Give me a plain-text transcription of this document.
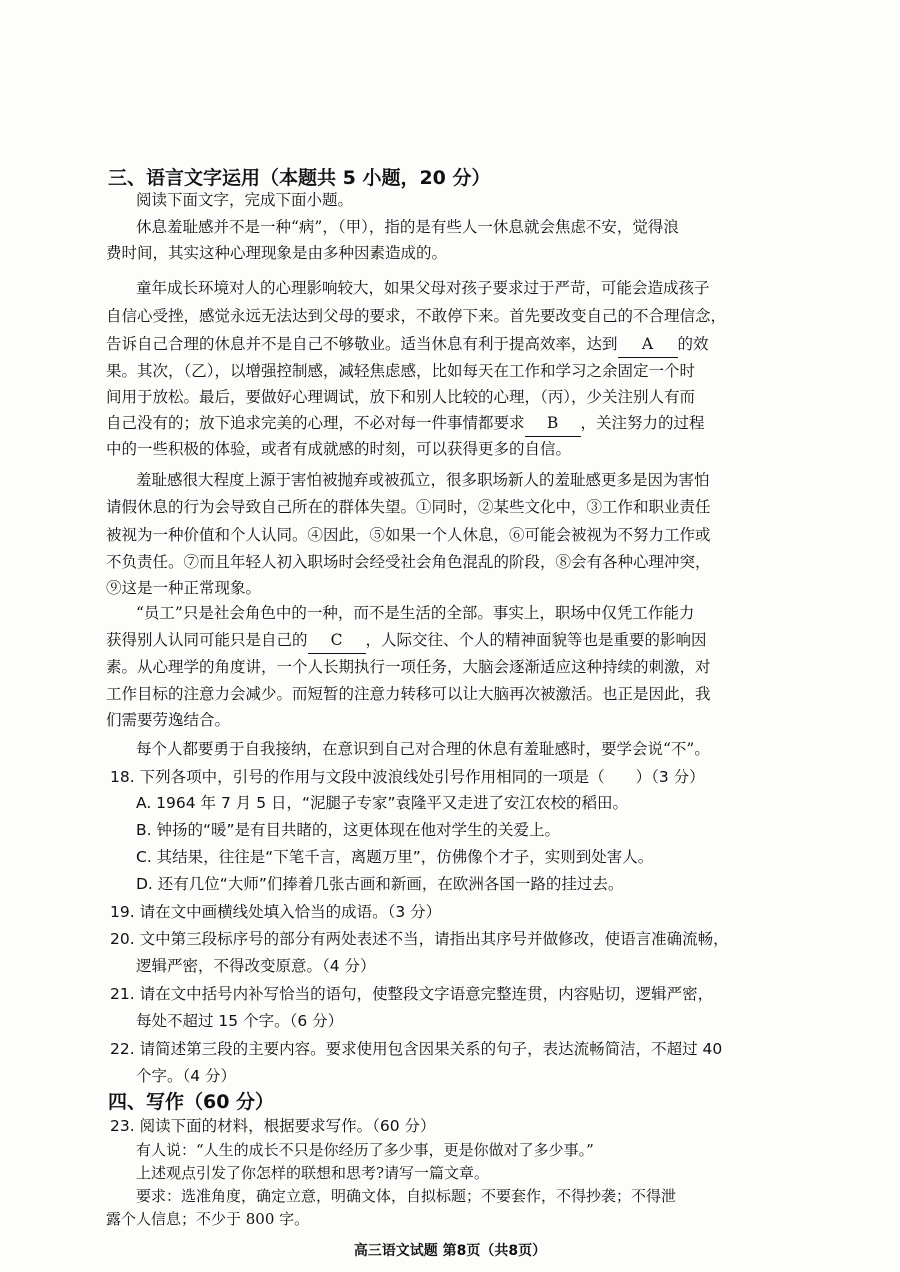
三、语言文字运用（本题共 5 小题，20 分）
阅读下面文字，完成下面小题。
休息羞耻感并不是一种“病”，（甲），指的是有些人一休息就会焦虑不安，觉得浪
费时间，其实这种心理现象是由多种因素造成的。
童年成长环境对人的心理影响较大，如果父母对孩子要求过于严苛，可能会造成孩子
自信心受挫，感觉永远无法达到父母的要求，不敢停下来。首先要改变自己的不合理信念，
告诉自己合理的休息并不是自己不够敬业。适当休息有利于提高效率，达到 A 的效
果。其次，（乙），以增强控制感，减轻焦虑感，比如每天在工作和学习之余固定一个时
间用于放松。最后，要做好心理调试，放下和别人比较的心理，（丙），少关注别人有而
自己没有的；放下追求完美的心理，不必对每一件事情都要求 B ，关注努力的过程
中的一些积极的体验，或者有成就感的时刻，可以获得更多的自信。
羞耻感很大程度上源于害怕被抛弃或被孤立，很多职场新人的羞耻感更多是因为害怕
请假休息的行为会导致自己所在的群体失望。①同时，②某些文化中，③工作和职业责任
被视为一种价值和个人认同。④因此，⑤如果一个人休息，⑥可能会被视为不努力工作或
不负责任。⑦而且年轻人初入职场时会经受社会角色混乱的阶段，⑧会有各种心理冲突，
⑨这是一种正常现象。
“员工”只是社会角色中的一种，而不是生活的全部。事实上，职场中仅凭工作能力
获得别人认同可能只是自己的 C ，人际交往、个人的精神面貌等也是重要的影响因
素。从心理学的角度讲，一个人长期执行一项任务，大脑会逐渐适应这种持续的刺激，对
工作目标的注意力会减少。而短暂的注意力转移可以让大脑再次被激活。也正是因此，我
们需要劳逸结合。
每个人都要勇于自我接纳，在意识到自己对合理的休息有羞耻感时，要学会说“不”。
18. 下列各项中，引号的作用与文段中波浪线处引号作用相同的一项是（　　）（3 分）
A. 1964 年 7 月 5 日，“泥腿子专家”袁隆平又走进了安江农校的稻田。
B. 钟扬的“暖”是有目共睹的，这更体现在他对学生的关爱上。
C. 其结果，往往是“下笔千言，离题万里”，仿佛像个才子，实则到处害人。
D. 还有几位“大师”们捧着几张古画和新画，在欧洲各国一路的挂过去。
19. 请在文中画横线处填入恰当的成语。（3 分）
20. 文中第三段标序号的部分有两处表述不当，请指出其序号并做修改，使语言准确流畅，
逻辑严密，不得改变原意。（4 分）
21. 请在文中括号内补写恰当的语句，使整段文字语意完整连贯，内容贴切，逻辑严密，
每处不超过 15 个字。（6 分）
22. 请简述第三段的主要内容。要求使用包含因果关系的句子，表达流畅简洁，不超过 40
个字。（4 分）
四、写作（60 分）
23. 阅读下面的材料，根据要求写作。（60 分）
有人说：“人生的成长不只是你经历了多少事，更是你做对了多少事。”
上述观点引发了你怎样的联想和思考?请写一篇文章。
要求：选准角度，确定立意，明确文体，自拟标题；不要套作，不得抄袭；不得泄
露个人信息；不少于 800 字。
高三语文试题 第8页（共8页）
